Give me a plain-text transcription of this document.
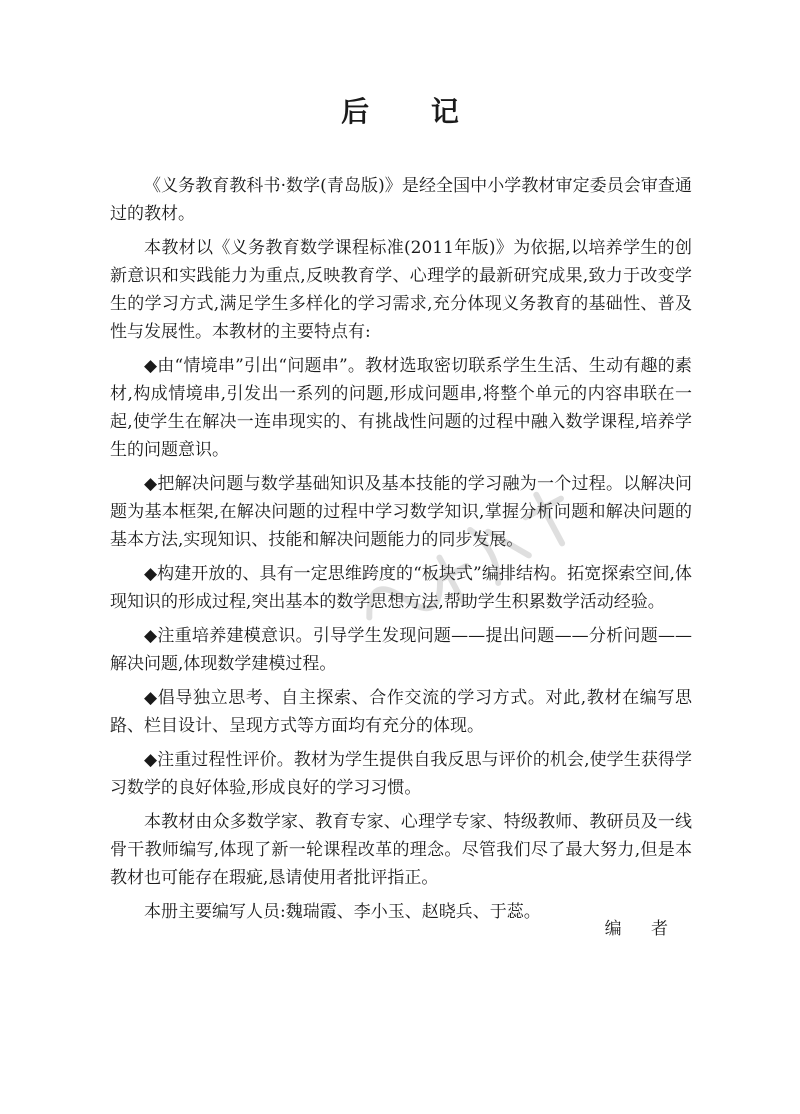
后 记

《义务教育教科书·数学(青岛版)》是经全国中小学教材审定委员会审查通过的教材。

本教材以《义务教育数学课程标准(2011年版)》为依据,以培养学生的创新意识和实践能力为重点,反映教育学、心理学的最新研究成果,致力于改变学生的学习方式,满足学生多样化的学习需求,充分体现义务教育的基础性、普及性与发展性。本教材的主要特点有:

◆由“情境串”引出“问题串”。教材选取密切联系学生生活、生动有趣的素材,构成情境串,引发出一系列的问题,形成问题串,将整个单元的内容串联在一起,使学生在解决一连串现实的、有挑战性问题的过程中融入数学课程,培养学生的问题意识。

◆把解决问题与数学基础知识及基本技能的学习融为一个过程。以解决问题为基本框架,在解决问题的过程中学习数学知识,掌握分析问题和解决问题的基本方法,实现知识、技能和解决问题能力的同步发展。

◆构建开放的、具有一定思维跨度的“板块式”编排结构。拓宽探索空间,体现知识的形成过程,突出基本的数学思想方法,帮助学生积累数学活动经验。

◆注重培养建模意识。引导学生发现问题——提出问题——分析问题——解决问题,体现数学建模过程。

◆倡导独立思考、自主探索、合作交流的学习方式。对此,教材在编写思路、栏目设计、呈现方式等方面均有充分的体现。

◆注重过程性评价。教材为学生提供自我反思与评价的机会,使学生获得学习数学的良好体验,形成良好的学习习惯。

本教材由众多数学家、教育专家、心理学专家、特级教师、教研员及一线骨干教师编写,体现了新一轮课程改革的理念。尽管我们尽了最大努力,但是本教材也可能存在瑕疵,恳请使用者批评指正。

本册主要编写人员:魏瑞霞、李小玉、赵晓兵、于蕊。

编 者
